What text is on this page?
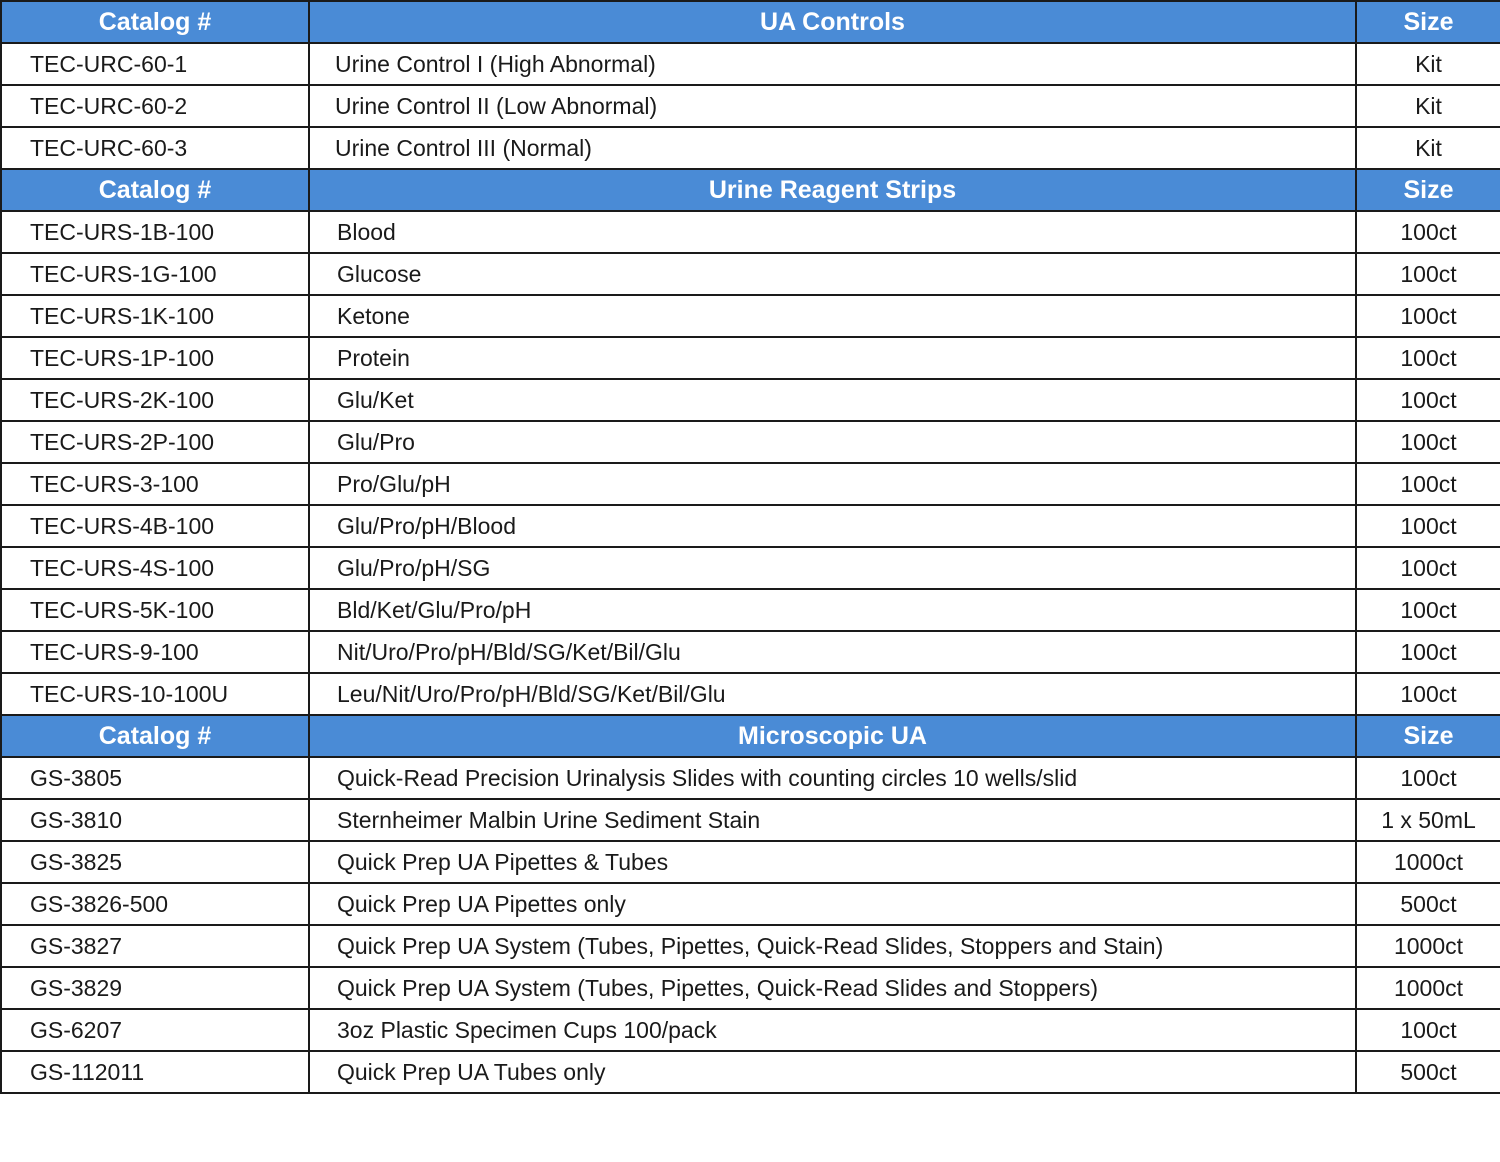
Catalog #	UA Controls	Size
TEC-URC-60-1	Urine Control I (High Abnormal)	Kit
TEC-URC-60-2	Urine Control II (Low Abnormal)	Kit
TEC-URC-60-3	Urine Control III (Normal)	Kit
Catalog #	Urine Reagent Strips	Size
TEC-URS-1B-100	Blood	100ct
TEC-URS-1G-100	Glucose	100ct
TEC-URS-1K-100	Ketone	100ct
TEC-URS-1P-100	Protein	100ct
TEC-URS-2K-100	Glu/Ket	100ct
TEC-URS-2P-100	Glu/Pro	100ct
TEC-URS-3-100	Pro/Glu/pH	100ct
TEC-URS-4B-100	Glu/Pro/pH/Blood	100ct
TEC-URS-4S-100	Glu/Pro/pH/SG	100ct
TEC-URS-5K-100	Bld/Ket/Glu/Pro/pH	100ct
TEC-URS-9-100	Nit/Uro/Pro/pH/Bld/SG/Ket/Bil/Glu	100ct
TEC-URS-10-100U	Leu/Nit/Uro/Pro/pH/Bld/SG/Ket/Bil/Glu	100ct
Catalog #	Microscopic UA	Size
GS-3805	Quick-Read Precision Urinalysis Slides with counting circles 10 wells/slid	100ct
GS-3810	Sternheimer Malbin Urine Sediment Stain	1 x 50mL
GS-3825	Quick Prep UA Pipettes & Tubes	1000ct
GS-3826-500	Quick Prep UA Pipettes only	500ct
GS-3827	Quick Prep UA System (Tubes, Pipettes, Quick-Read Slides, Stoppers and Stain)	1000ct
GS-3829	Quick Prep UA System (Tubes, Pipettes, Quick-Read Slides and Stoppers)	1000ct
GS-6207	3oz Plastic Specimen Cups 100/pack	100ct
GS-112011	Quick Prep UA Tubes only	500ct
